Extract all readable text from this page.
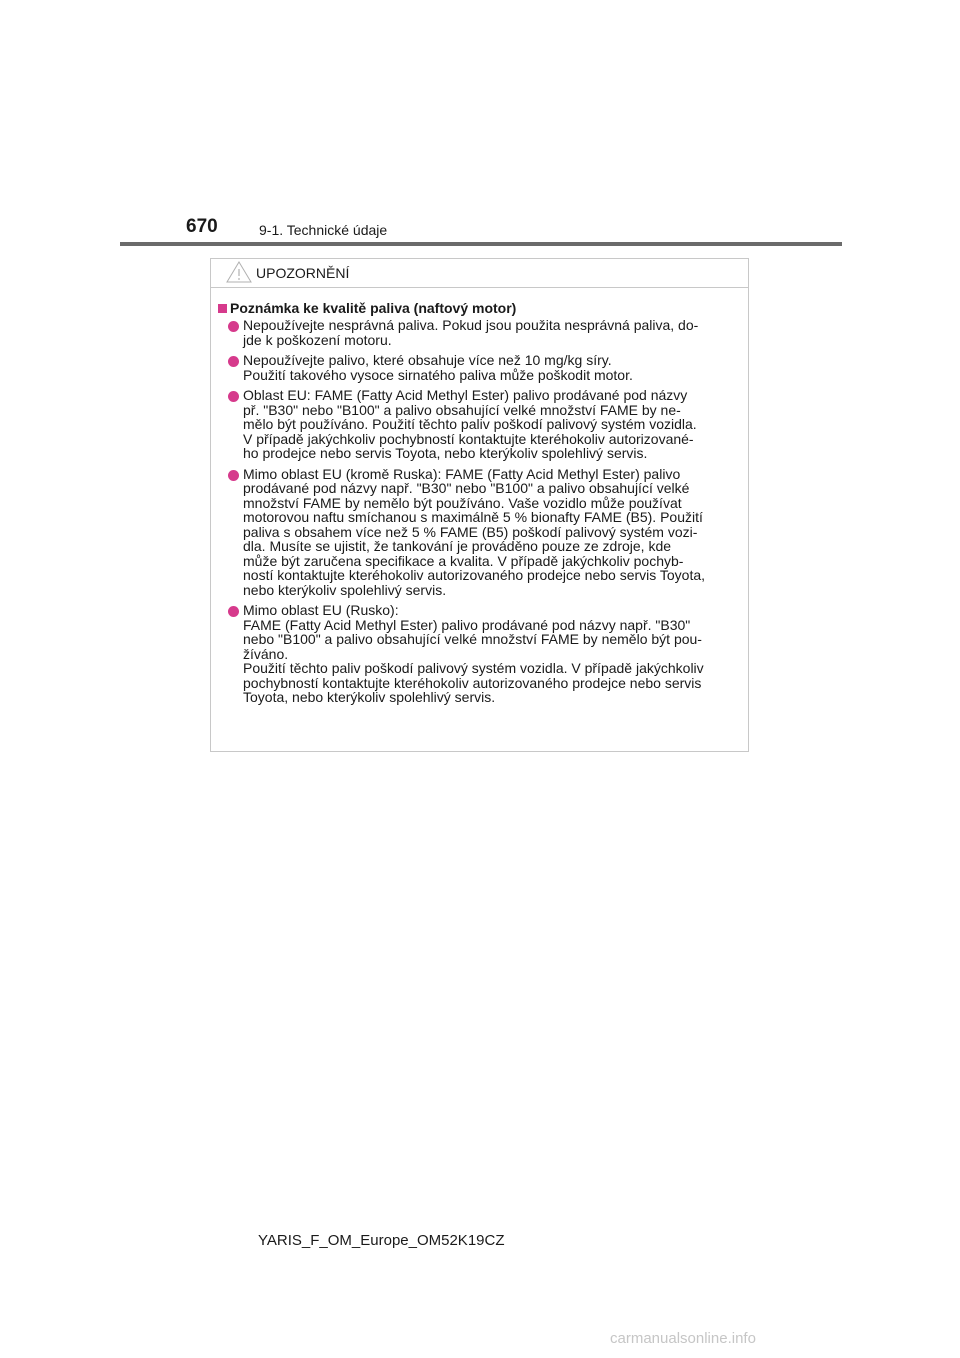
670	9-1. Technické údaje
UPOZORNĚNÍ
Poznámka ke kvalitě paliva (naftový motor)
Nepoužívejte nesprávná paliva. Pokud jsou použita nesprávná paliva, do-
jde k poškození motoru.
Nepoužívejte palivo, které obsahuje více než 10 mg/kg síry.
Použití takového vysoce sirnatého paliva může poškodit motor.
Oblast EU: FAME (Fatty Acid Methyl Ester) palivo prodávané pod názvy
př. "B30" nebo "B100" a palivo obsahující velké množství FAME by ne-
mělo být používáno. Použití těchto paliv poškodí palivový systém vozidla.
V případě jakýchkoliv pochybností kontaktujte kteréhokoliv autorizované-
ho prodejce nebo servis Toyota, nebo kterýkoliv spolehlivý servis.
Mimo oblast EU (kromě Ruska): FAME (Fatty Acid Methyl Ester) palivo
prodávané pod názvy např. "B30" nebo "B100" a palivo obsahující velké
množství FAME by nemělo být používáno. Vaše vozidlo může používat
motorovou naftu smíchanou s maximálně 5 % bionafty FAME (B5). Použití
paliva s obsahem více než 5 % FAME (B5) poškodí palivový systém vozi-
dla. Musíte se ujistit, že tankování je prováděno pouze ze zdroje, kde
může být zaručena specifikace a kvalita. V případě jakýchkoliv pochyb-
ností kontaktujte kteréhokoliv autorizovaného prodejce nebo servis Toyota,
nebo kterýkoliv spolehlivý servis.
Mimo oblast EU (Rusko):
FAME (Fatty Acid Methyl Ester) palivo prodávané pod názvy např. "B30"
nebo "B100" a palivo obsahující velké množství FAME by nemělo být pou-
žíváno.
Použití těchto paliv poškodí palivový systém vozidla. V případě jakýchkoliv
pochybností kontaktujte kteréhokoliv autorizovaného prodejce nebo servis
Toyota, nebo kterýkoliv spolehlivý servis.
YARIS_F_OM_Europe_OM52K19CZ
carmanualsonline.info
